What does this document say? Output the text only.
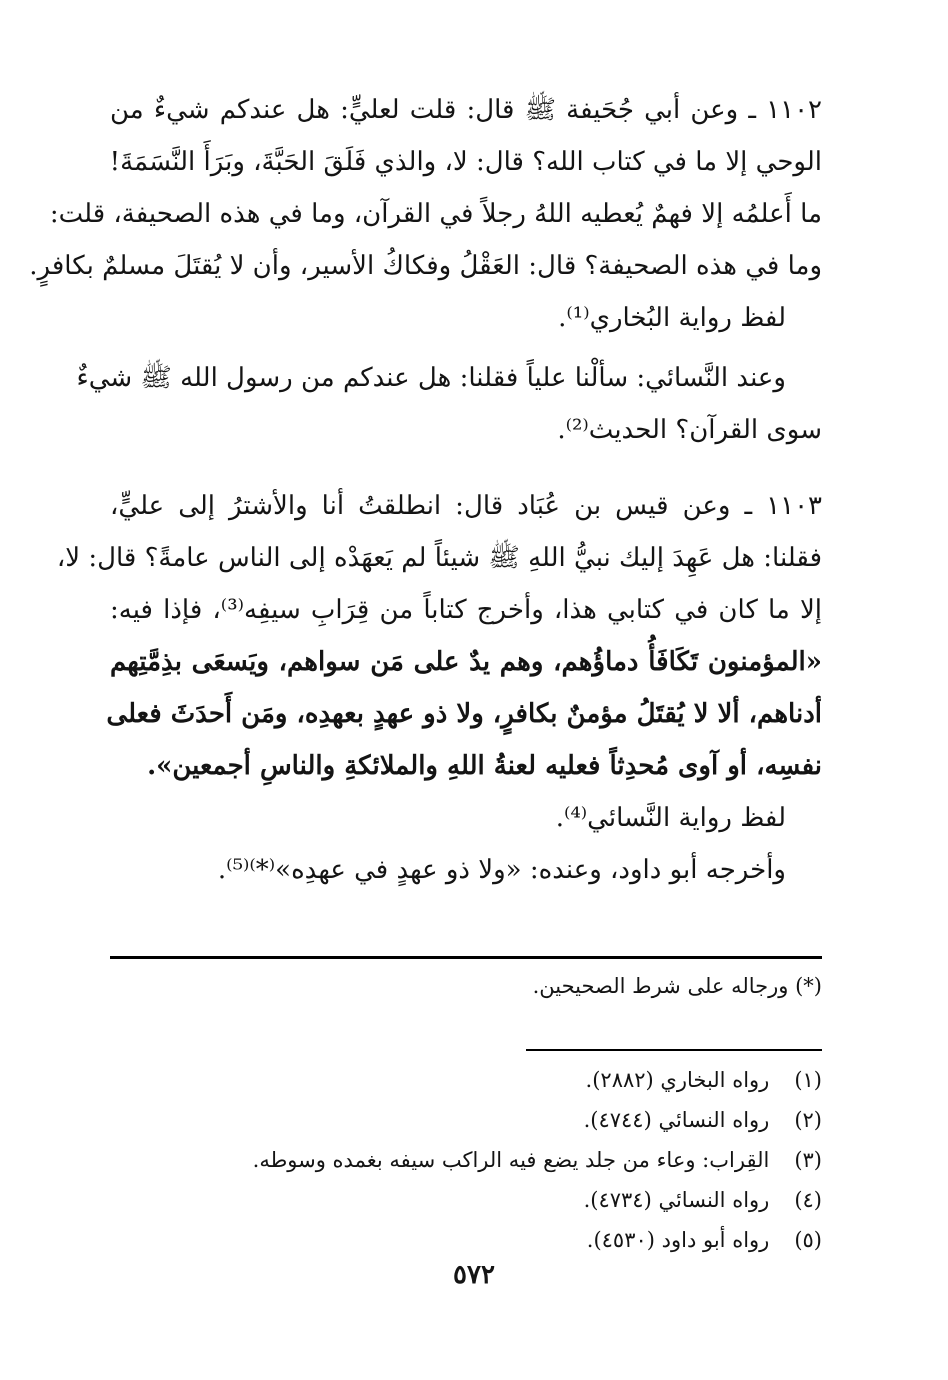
١١٠٢ ـ وعن أبي جُحَيفة ﷺ قال: قلت لعليٍّ: هل عندكم شيءٌ من
الوحي إلا ما في كتاب الله؟ قال: لا، والذي فَلَقَ الحَبَّةَ، وبَرَأَ النَّسَمَةَ!
ما أَعلمُه إلا فهمٌ يُعطيه اللهُ رجلاً في القرآن، وما في هذه الصحيفة، قلت:
وما في هذه الصحيفة؟ قال: العَقْلُ وفكاكُ الأسير، وأن لا يُقتَلَ مسلمٌ بكافرٍ.
لفظ رواية البُخاري⁽¹⁾.
وعند النَّسائي: سألْنا علياً فقلنا: هل عندكم من رسول الله ﷺ شيءٌ
سوى القرآن؟ الحديث⁽²⁾.
١١٠٣ ـ وعن قيس بن عُبَاد قال: انطلقتُ أنا والأشترُ إلى عليٍّ،
فقلنا: هل عَهِدَ إليك نبيُّ اللهِ ﷺ شيئاً لم يَعهَدْه إلى الناس عامةً؟ قال: لا،
إلا ما كان في كتابي هذا، وأخرج كتاباً من قِرَابِ سيفِه⁽³⁾، فإذا فيه:
«المؤمنون تَكَافَأُ دماؤُهم، وهم يدٌ على مَن سواهم، ويَسعَى بذِمَّتِهم
أدناهم، ألا لا يُقتَلُ مؤمنٌ بكافرٍ، ولا ذو عهدٍ بعهدِه، ومَن أَحدَثَ فعلى
نفسِه، أو آوى مُحدِثاً فعليه لعنةُ اللهِ والملائكةِ والناسِ أجمعين».
لفظ رواية النَّسائي⁽⁴⁾.
وأخرجه أبو داود، وعنده: «ولا ذو عهدٍ في عهدِه»⁽*⁾⁽⁵⁾.
(*) ورجاله على شرط الصحيحين.
(١) رواه البخاري (٢٨٨٢).
(٢) رواه النسائي (٤٧٤٤).
(٣) القِراب: وعاء من جلد يضع فيه الراكب سيفه بغمده وسوطه.
(٤) رواه النسائي (٤٧٣٤).
(٥) رواه أبو داود (٤٥٣٠).
٥٧٢
